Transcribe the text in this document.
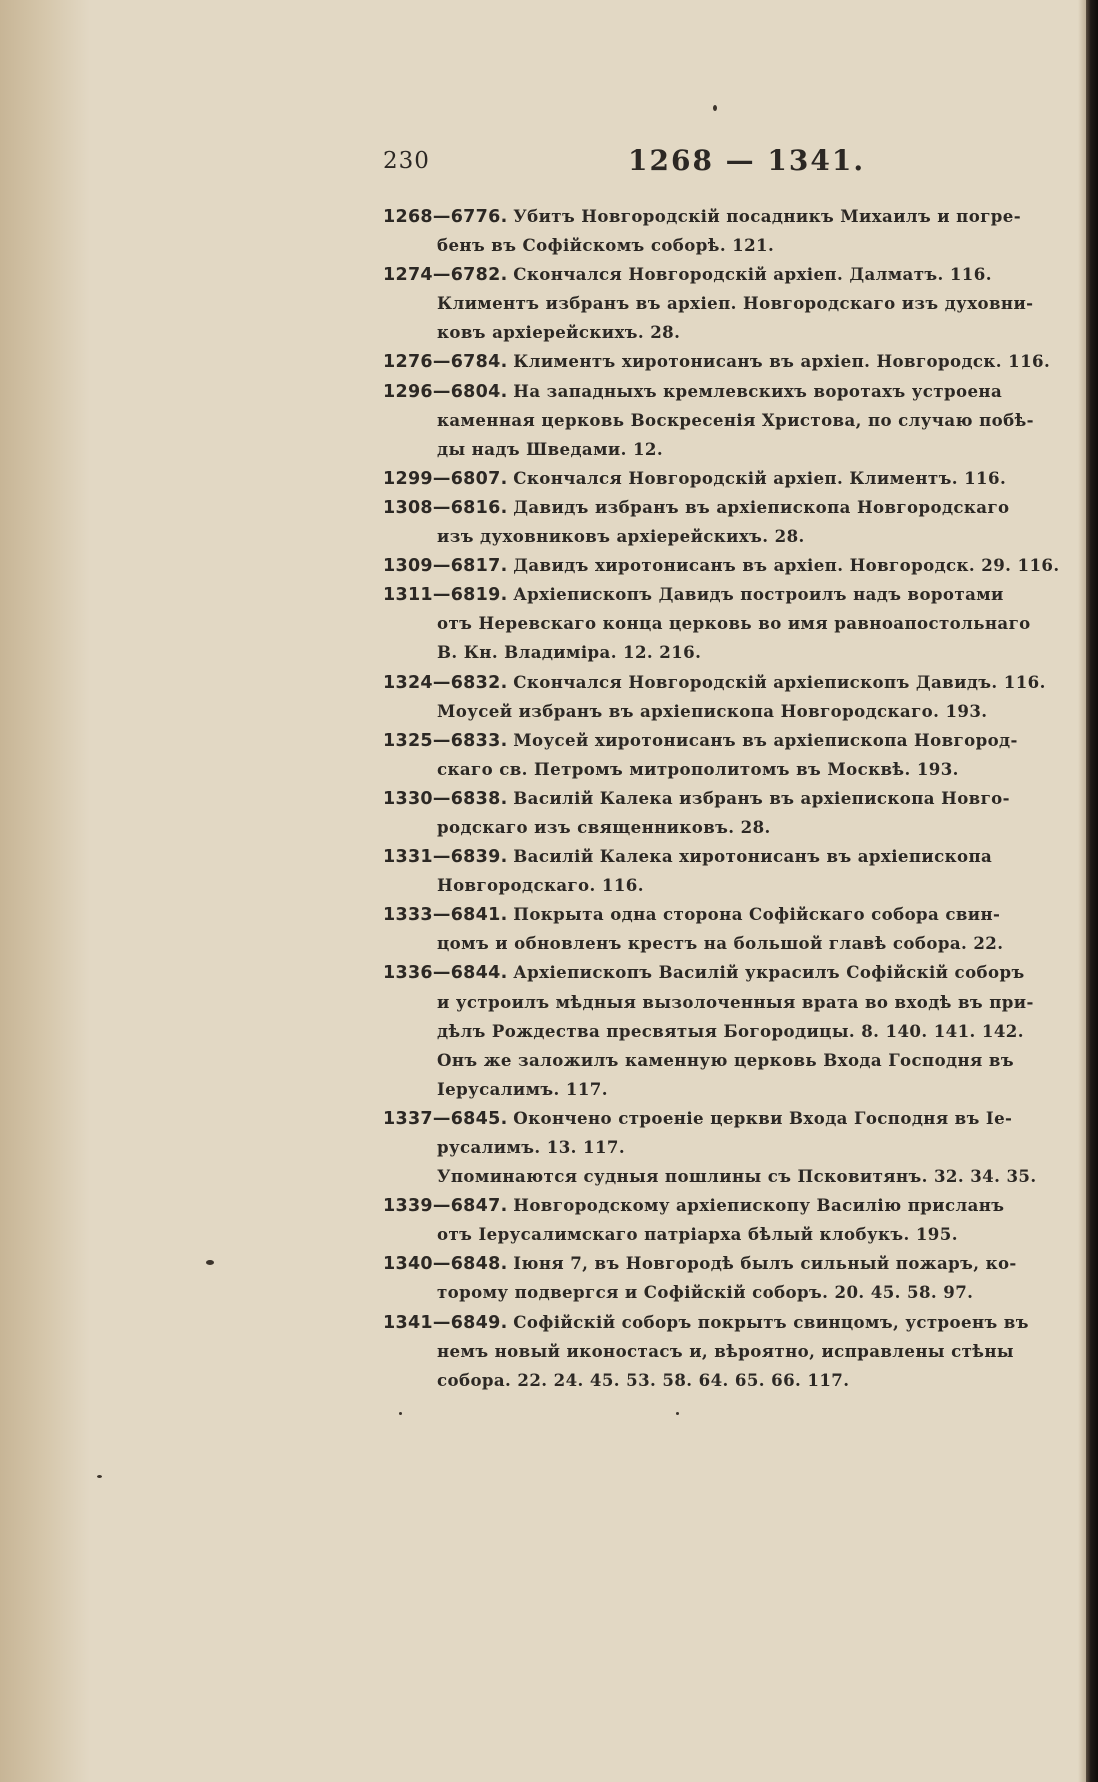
230	1268 — 1341.
1268—6776. Убитъ Новгородскій посадникъ Михаилъ и погре-
бенъ въ Софійскомъ соборѣ. 121.
1274—6782. Скончался Новгородскій архіеп. Далматъ. 116.
Климентъ избранъ въ архіеп. Новгородскаго изъ духовни-
ковъ архіерейскихъ. 28.
1276—6784. Климентъ хиротонисанъ въ архіеп. Новгородск. 116.
1296—6804. На западныхъ кремлевскихъ воротахъ устроена
каменная церковь Воскресенія Христова, по случаю побѣ-
ды надъ Шведами. 12.
1299—6807. Скончался Новгородскій архіеп. Климентъ. 116.
1308—6816. Давидъ избранъ въ архіепископа Новгородскаго
изъ духовниковъ архіерейскихъ. 28.
1309—6817. Давидъ хиротонисанъ въ архіеп. Новгородск. 29. 116.
1311—6819. Архіепископъ Давидъ построилъ надъ воротами
отъ Неревскаго конца церковь во имя равноапостольнаго
В. Кн. Владиміра. 12. 216.
1324—6832. Скончался Новгородскій архіепископъ Давидъ. 116.
Моусей избранъ въ архіепископа Новгородскаго. 193.
1325—6833. Моусей хиротонисанъ въ архіепископа Новгород-
скаго св. Петромъ митрополитомъ въ Москвѣ. 193.
1330—6838. Василій Калека избранъ въ архіепископа Новго-
родскаго изъ священниковъ. 28.
1331—6839. Василій Калека хиротонисанъ въ архіепископа
Новгородскаго. 116.
1333—6841. Покрыта одна сторона Софійскаго собора свин-
цомъ и обновленъ крестъ на большой главѣ собора. 22.
1336—6844. Архіепископъ Василій украсилъ Софійскій соборъ
и устроилъ мѣдныя вызолоченныя врата во входѣ въ при-
дѣлъ Рождества пресвятыя Богородицы. 8. 140. 141. 142.
Онъ же заложилъ каменную церковь Входа Господня въ
Іерусалимъ. 117.
1337—6845. Окончено строеніе церкви Входа Господня въ Іе-
русалимъ. 13. 117.
Упоминаются судныя пошлины съ Псковитянъ. 32. 34. 35.
1339—6847. Новгородскому архіепископу Василію присланъ
отъ Іерусалимскаго патріарха бѣлый клобукъ. 195.
1340—6848. Іюня 7, въ Новгородѣ былъ сильный пожаръ, ко-
торому подвергся и Софійскій соборъ. 20. 45. 58. 97.
1341—6849. Софійскій соборъ покрытъ свинцомъ, устроенъ въ
немъ новый иконостасъ и, вѣроятно, исправлены стѣны
собора. 22. 24. 45. 53. 58. 64. 65. 66. 117.
